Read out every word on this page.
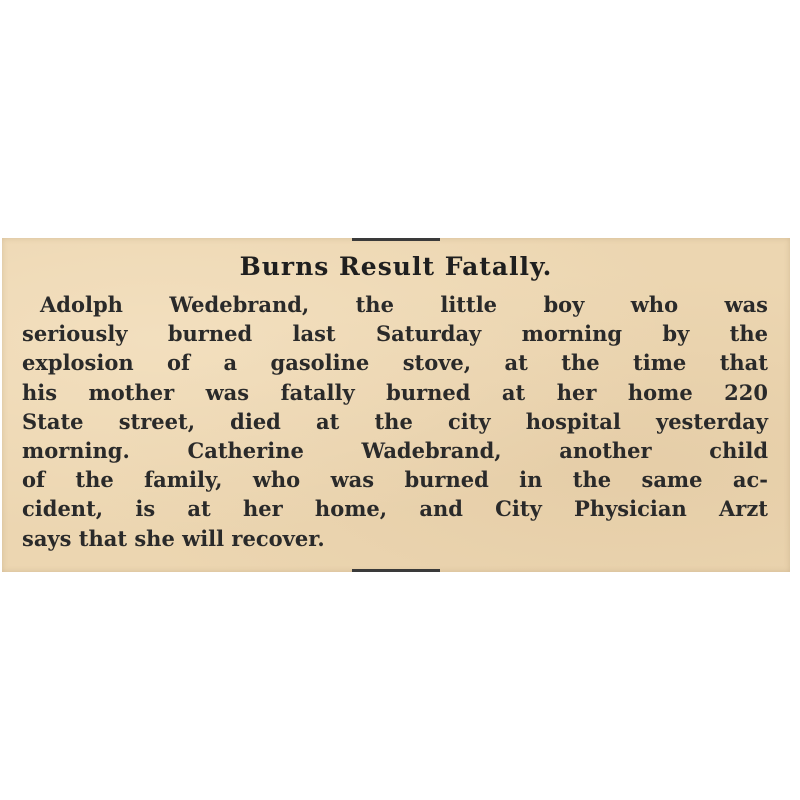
Burns Result Fatally.
Adolph Wedebrand, the little boy who was
seriously burned last Saturday morning by the
explosion of a gasoline stove, at the time that
his mother was fatally burned at her home 220
State street, died at the city hospital yesterday
morning. Catherine Wadebrand, another child
of the family, who was burned in the same ac-
cident, is at her home, and City Physician Arzt
says that she will recover.
